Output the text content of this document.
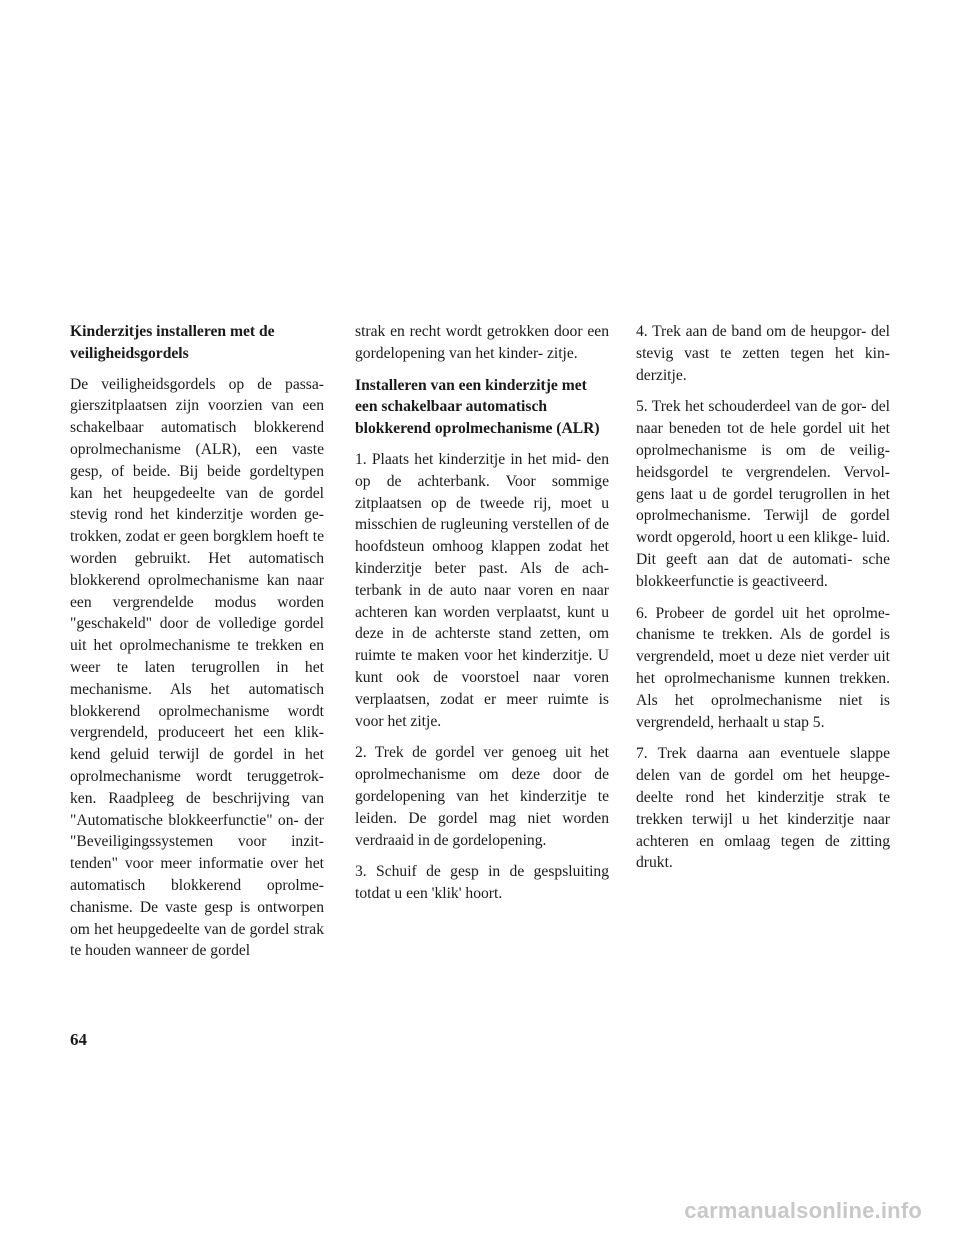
Kinderzitjes installeren met de veiligheidsgordels

De veiligheidsgordels op de passa- gierszitplaatsen zijn voorzien van een schakelbaar automatisch blokkerend oprolmechanisme (ALR), een vaste gesp, of beide. Bij beide gordeltypen kan het heupgedeelte van de gordel stevig rond het kinderzitje worden ge- trokken, zodat er geen borgklem hoeft te worden gebruikt. Het automatisch blokkerend oprolmechanisme kan naar een vergrendelde modus worden "geschakeld" door de volledige gordel uit het oprolmechanisme te trekken en weer te laten terugrollen in het mechanisme. Als het automatisch blokkerend oprolmechanisme wordt vergrendeld, produceert het een klik- kend geluid terwijl de gordel in het oprolmechanisme wordt teruggetrok- ken. Raadpleeg de beschrijving van "Automatische blokkeerfunctie" on- der "Beveiligingssystemen voor inzit- tenden" voor meer informatie over het automatisch blokkerend oprolme- chanisme. De vaste gesp is ontworpen om het heupgedeelte van de gordel strak te houden wanneer de gordel

strak en recht wordt getrokken door een gordelopening van het kinder- zitje.

Installeren van een kinderzitje met een schakelbaar automatisch blokkerend oprolmechanisme (ALR)

1. Plaats het kinderzitje in het mid- den op de achterbank. Voor sommige zitplaatsen op de tweede rij, moet u misschien de rugleuning verstellen of de hoofdsteun omhoog klappen zodat het kinderzitje beter past. Als de ach- terbank in de auto naar voren en naar achteren kan worden verplaatst, kunt u deze in de achterste stand zetten, om ruimte te maken voor het kinderzitje. U kunt ook de voorstoel naar voren verplaatsen, zodat er meer ruimte is voor het zitje.

2. Trek de gordel ver genoeg uit het oprolmechanisme om deze door de gordelopening van het kinderzitje te leiden. De gordel mag niet worden verdraaid in de gordelopening.

3. Schuif de gesp in de gespsluiting totdat u een 'klik' hoort.

4. Trek aan de band om de heupgor- del stevig vast te zetten tegen het kin- derzitje.

5. Trek het schouderdeel van de gor- del naar beneden tot de hele gordel uit het oprolmechanisme is om de veilig- heidsgordel te vergrendelen. Vervol- gens laat u de gordel terugrollen in het oprolmechanisme. Terwijl de gordel wordt opgerold, hoort u een klikge- luid. Dit geeft aan dat de automati- sche blokkeerfunctie is geactiveerd.

6. Probeer de gordel uit het oprolme- chanisme te trekken. Als de gordel is vergrendeld, moet u deze niet verder uit het oprolmechanisme kunnen trekken. Als het oprolmechanisme niet is vergrendeld, herhaalt u stap 5.

7. Trek daarna aan eventuele slappe delen van de gordel om het heupge- deelte rond het kinderzitje strak te trekken terwijl u het kinderzitje naar achteren en omlaag tegen de zitting drukt.

64
carmanualsonline.info
